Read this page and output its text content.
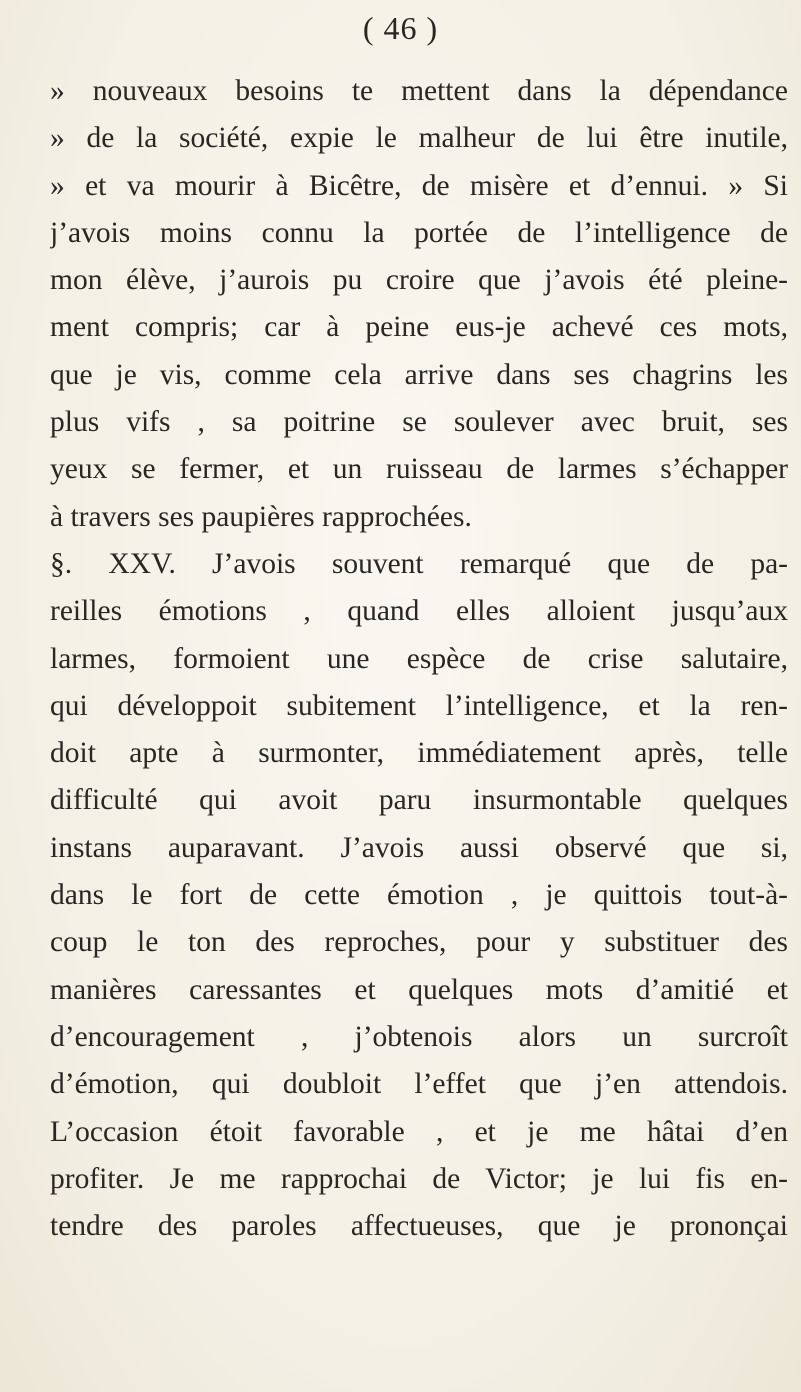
( 46 )
» nouveaux besoins te mettent dans la dépendance
» de la société, expie le malheur de lui être inutile,
» et va mourir à Bicêtre, de misère et d’ennui. » Si
j’avois moins connu la portée de l’intelligence de
mon élève, j’aurois pu croire que j’avois été pleine-
ment compris; car à peine eus-je achevé ces mots,
que je vis, comme cela arrive dans ses chagrins les
plus vifs , sa poitrine se soulever avec bruit, ses
yeux se fermer, et un ruisseau de larmes s’échapper
à travers ses paupières rapprochées.
§. XXV. J’avois souvent remarqué que de pa-
reilles émotions , quand elles alloient jusqu’aux
larmes, formoient une espèce de crise salutaire,
qui développoit subitement l’intelligence, et la ren-
doit apte à surmonter, immédiatement après, telle
difficulté qui avoit paru insurmontable quelques
instans auparavant. J’avois aussi observé que si,
dans le fort de cette émotion , je quittois tout-à-
coup le ton des reproches, pour y substituer des
manières caressantes et quelques mots d’amitié et
d’encouragement , j’obtenois alors un surcroît
d’émotion, qui doubloit l’effet que j’en attendois.
L’occasion étoit favorable , et je me hâtai d’en
profiter. Je me rapprochai de Victor; je lui fis en-
tendre des paroles affectueuses, que je prononçai
